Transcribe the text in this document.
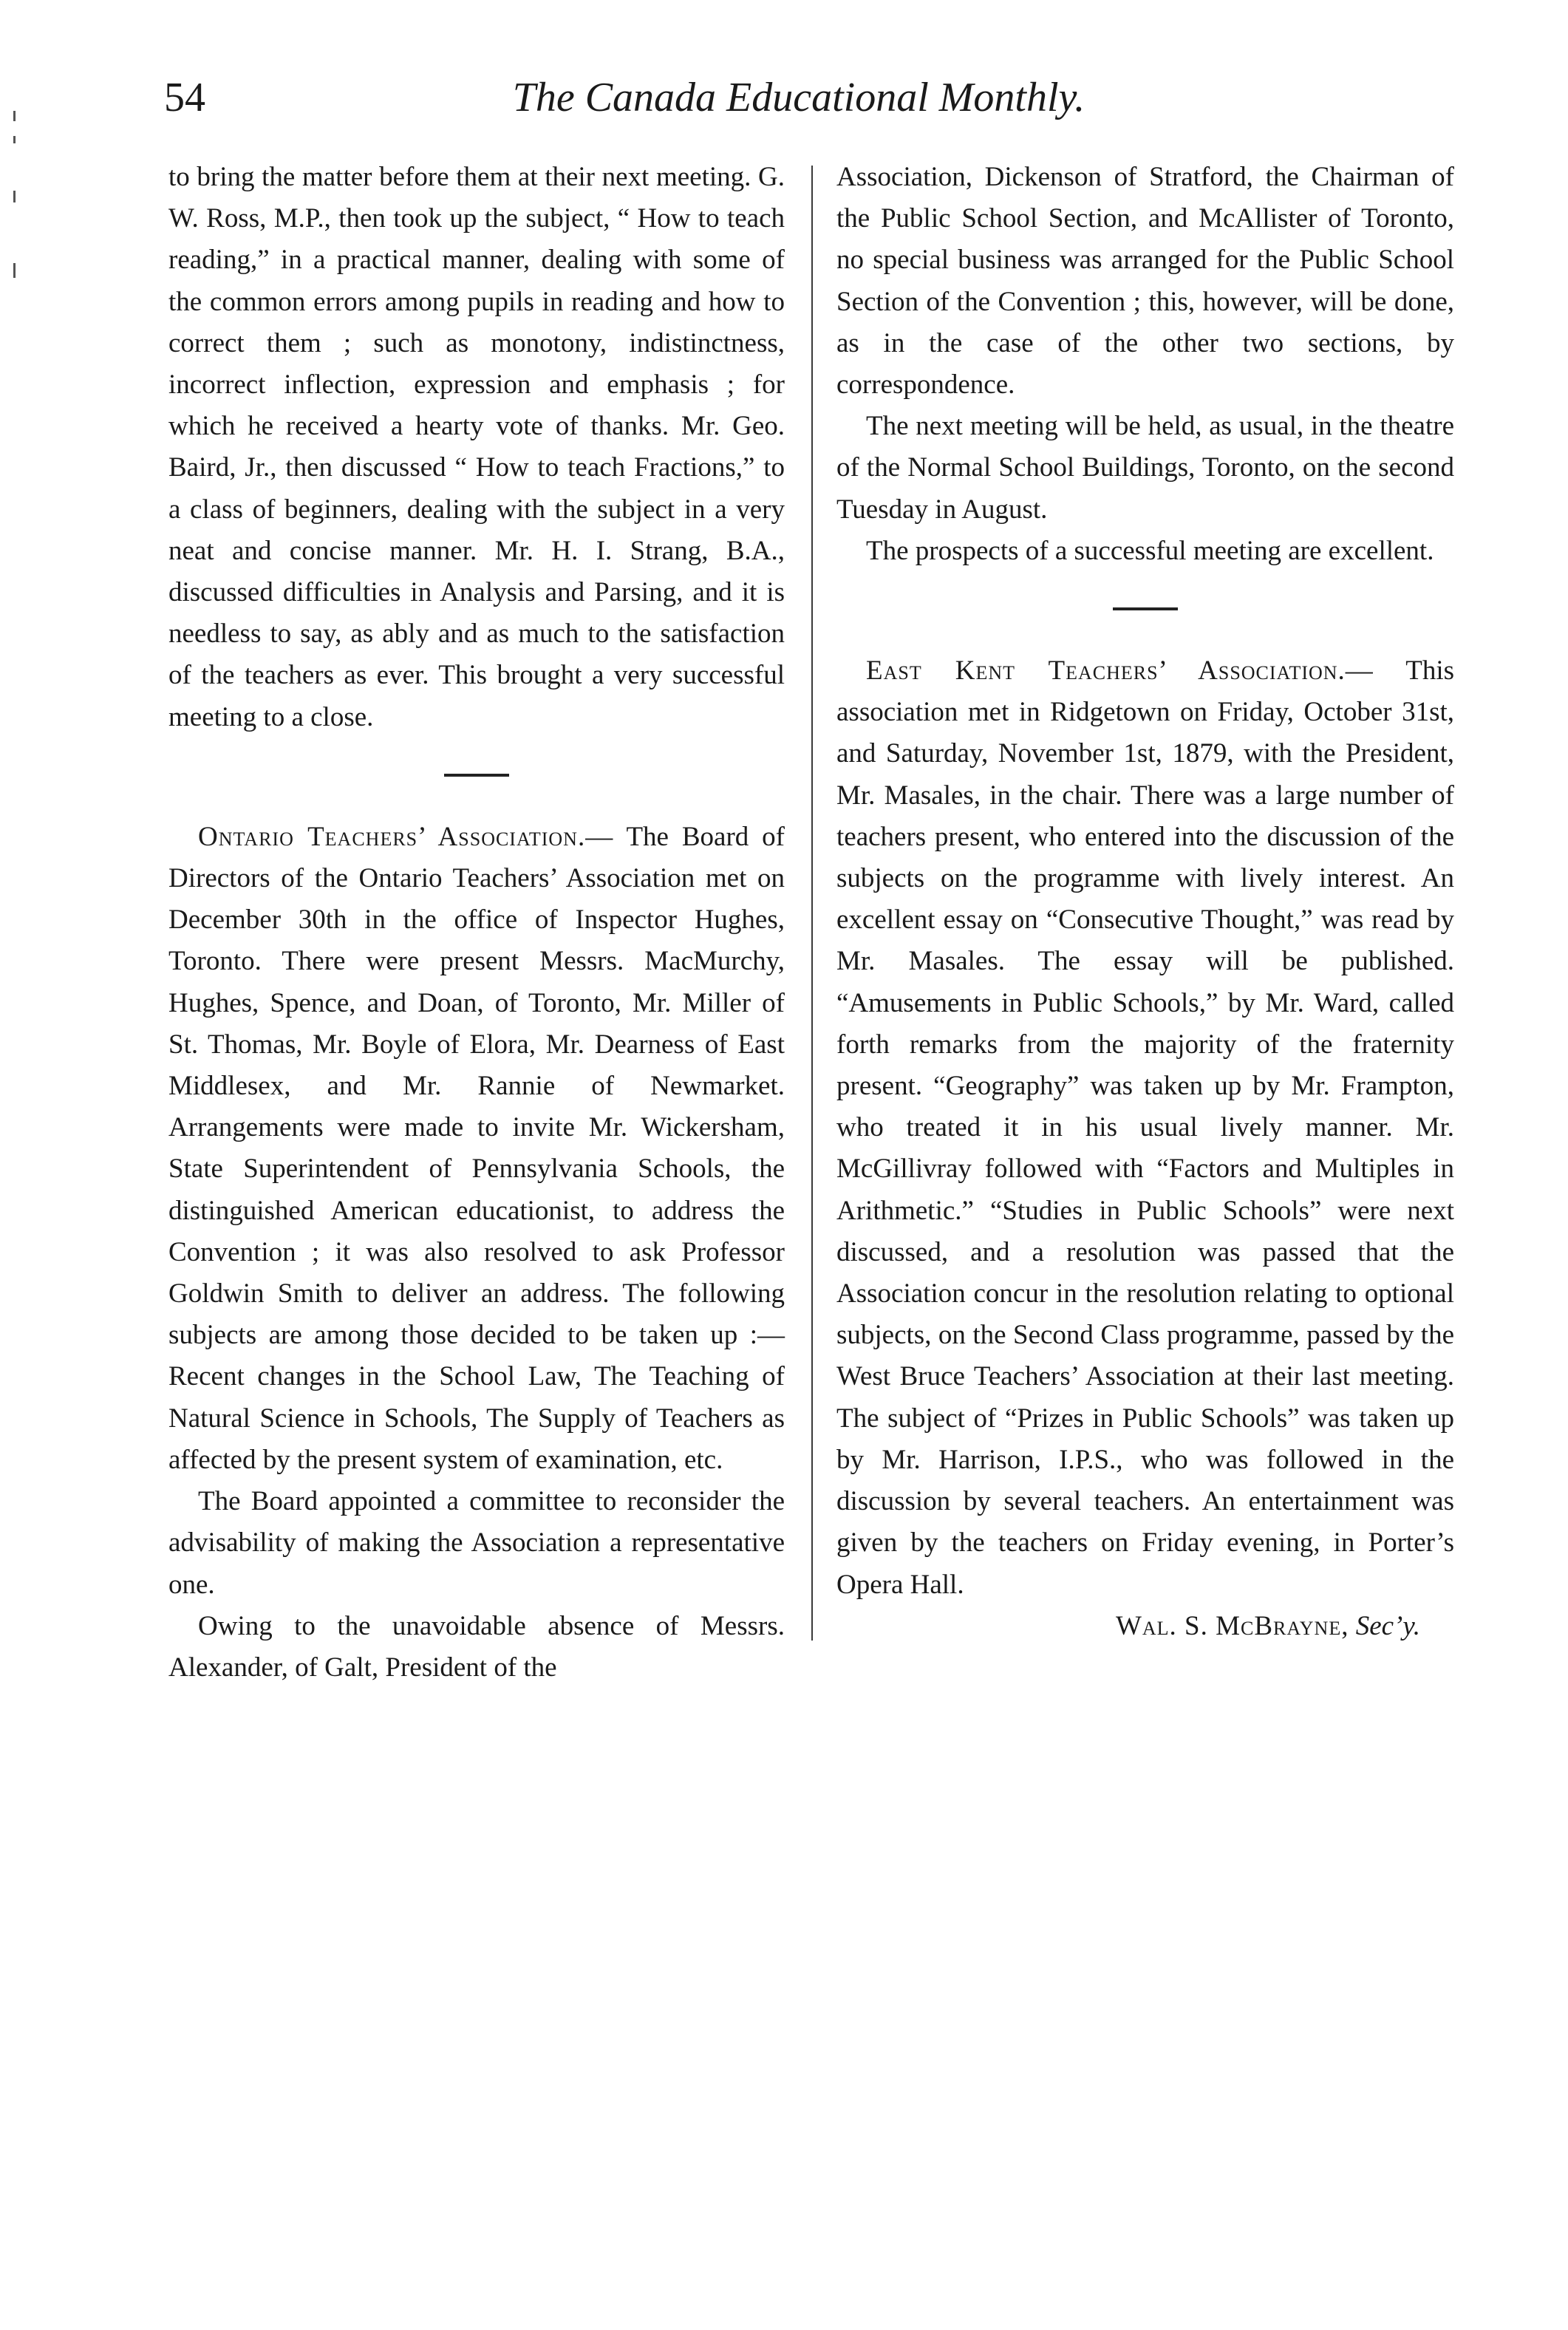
54	The Canada Educational Monthly.

to bring the matter before them at their next meeting. G. W. Ross, M.P., then took up the subject, “ How to teach reading,” in a practical manner, dealing with some of the common errors among pupils in reading and how to correct them ; such as monotony, indistinctness, incorrect inflection, expression and emphasis ; for which he received a hearty vote of thanks. Mr. Geo. Baird, Jr., then discussed “ How to teach Fractions,” to a class of beginners, dealing with the subject in a very neat and concise manner. Mr. H. I. Strang, B.A., discussed difficulties in Analysis and Parsing, and it is needless to say, as ably and as much to the satisfaction of the teachers as ever. This brought a very successful meeting to a close.

Ontario Teachers’ Association.— The Board of Directors of the Ontario Teachers’ Association met on December 30th in the office of Inspector Hughes, Toronto. There were present Messrs. MacMurchy, Hughes, Spence, and Doan, of Toronto, Mr. Miller of St. Thomas, Mr. Boyle of Elora, Mr. Dearness of East Middlesex, and Mr. Rannie of Newmarket. Arrangements were made to invite Mr. Wickersham, State Superintendent of Pennsylvania Schools, the distinguished American educationist, to address the Convention ; it was also resolved to ask Professor Goldwin Smith to deliver an address. The following subjects are among those decided to be taken up :— Recent changes in the School Law, The Teaching of Natural Science in Schools, The Supply of Teachers as affected by the present system of examination, etc.

The Board appointed a committee to reconsider the advisability of making the Association a representative one.

Owing to the unavoidable absence of Messrs. Alexander, of Galt, President of the

Association, Dickenson of Stratford, the Chairman of the Public School Section, and McAllister of Toronto, no special business was arranged for the Public School Section of the Convention ; this, however, will be done, as in the case of the other two sections, by correspondence.

The next meeting will be held, as usual, in the theatre of the Normal School Buildings, Toronto, on the second Tuesday in August.

The prospects of a successful meeting are excellent.

East Kent Teachers’ Association.— This association met in Ridgetown on Friday, October 31st, and Saturday, November 1st, 1879, with the President, Mr. Masales, in the chair. There was a large number of teachers present, who entered into the discussion of the subjects on the programme with lively interest. An excellent essay on “Consecutive Thought,” was read by Mr. Masales. The essay will be published. “Amusements in Public Schools,” by Mr. Ward, called forth remarks from the majority of the fraternity present. “Geography” was taken up by Mr. Frampton, who treated it in his usual lively manner. Mr. McGillivray followed with “Factors and Multiples in Arithmetic.” “Studies in Public Schools” were next discussed, and a resolution was passed that the Association concur in the resolution relating to optional subjects, on the Second Class programme, passed by the West Bruce Teachers’ Association at their last meeting. The subject of “Prizes in Public Schools” was taken up by Mr. Harrison, I.P.S., who was followed in the discussion by several teachers. An entertainment was given by the teachers on Friday evening, in Porter’s Opera Hall.

Wal. S. McBrayne, Sec’y.
